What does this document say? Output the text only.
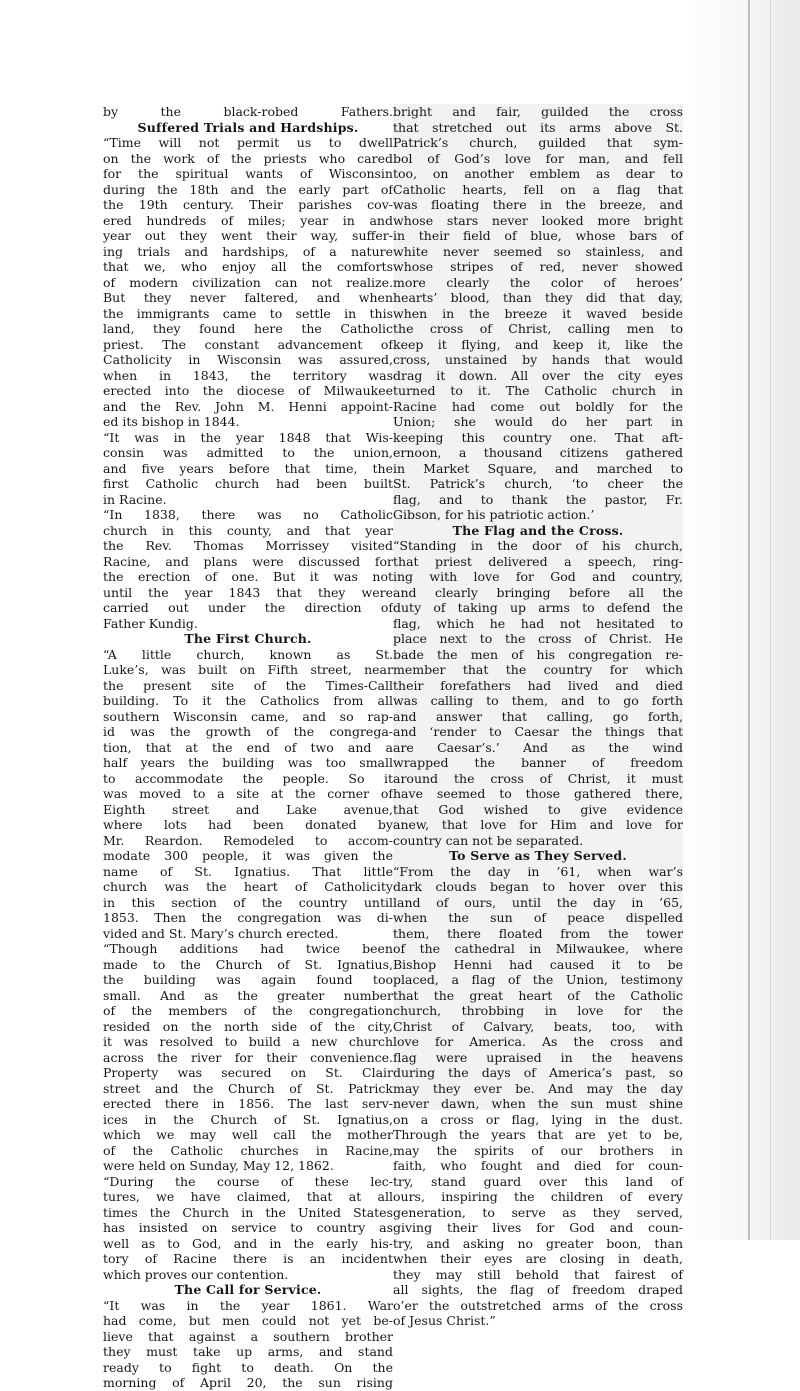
by the black-robed Fathers.
Suffered Trials and Hardships.
“Time will not permit us to dwell
on the work of the priests who cared
for the spiritual wants of Wisconsin
during the 18th and the early part of
the 19th century. Their parishes cov-
ered hundreds of miles; year in and
year out they went their way, suffer-
ing trials and hardships, of a nature
that we, who enjoy all the comforts
of modern civilization can not realize.
But they never faltered, and when
the immigrants came to settle in this
land, they found here the Catholic
priest. The constant advancement of
Catholicity in Wisconsin was assured,
when in 1843, the territory was
erected into the diocese of Milwaukee
and the Rev. John M. Henni appoint-
ed its bishop in 1844.
“It was in the year 1848 that Wis-
consin was admitted to the union,
and five years before that time, the
first Catholic church had been built
in Racine.
“In 1838, there was no Catholic
church in this county, and that year
the Rev. Thomas Morrissey visited
Racine, and plans were discussed for
the erection of one. But it was not
until the year 1843 that they were
carried out under the direction of
Father Kundig.
The First Church.
“A little church, known as St.
Luke’s, was built on Fifth street, near
the present site of the Times-Call
building. To it the Catholics from all
southern Wisconsin came, and so rap-
id was the growth of the congrega-
tion, that at the end of two and a
half years the building was too small
to accommodate the people. So it
was moved to a site at the corner of
Eighth street and Lake avenue,
where lots had been donated by
Mr. Reardon. Remodeled to accom-
modate 300 people, it was given the
name of St. Ignatius. That little
church was the heart of Catholicity
in this section of the country until
1853. Then the congregation was di-
vided and St. Mary’s church erected.
“Though additions had twice been
made to the Church of St. Ignatius,
the building was again found too
small. And as the greater number
of the members of the congregation
resided on the north side of the city,
it was resolved to build a new church
across the river for their convenience.
Property was secured on St. Clair
street and the Church of St. Patrick
erected there in 1856. The last serv-
ices in the Church of St. Ignatius,
which we may well call the mother
of the Catholic churches in Racine,
were held on Sunday, May 12, 1862.
“During the course of these lec-
tures, we have claimed, that at all
times the Church in the United States
has insisted on service to country as
well as to God, and in the early his-
tory of Racine there is an incident
which proves our contention.
The Call for Service.
“It was in the year 1861. War
had come, but men could not yet be-
lieve that against a southern brother
they must take up arms, and stand
ready to fight to death. On the
morning of April 20, the sun rising
bright and fair, guilded the cross
that stretched out its arms above St.
Patrick’s church, guilded that sym-
bol of God’s love for man, and fell
too, on another emblem as dear to
Catholic hearts, fell on a flag that
was floating there in the breeze, and
whose stars never looked more bright
in their field of blue, whose bars of
white never seemed so stainless, and
whose stripes of red, never showed
more clearly the color of heroes’
hearts’ blood, than they did that day,
when in the breeze it waved beside
the cross of Christ, calling men to
keep it flying, and keep it, like the
cross, unstained by hands that would
drag it down. All over the city eyes
turned to it. The Catholic church in
Racine had come out boldly for the
Union; she would do her part in
keeping this country one. That aft-
ernoon, a thousand citizens gathered
in Market Square, and marched to
St. Patrick’s church, ‘to cheer the
flag, and to thank the pastor, Fr.
Gibson, for his patriotic action.’
The Flag and the Cross.
“Standing in the door of his church,
that priest delivered a speech, ring-
ing with love for God and country,
and clearly bringing before all the
duty of taking up arms to defend the
flag, which he had not hesitated to
place next to the cross of Christ. He
bade the men of his congregation re-
member that the country for which
their forefathers had lived and died
was calling to them, and to go forth
and answer that calling, go forth,
and ‘render to Caesar the things that
are Caesar’s.’ And as the wind
wrapped the banner of freedom
around the cross of Christ, it must
have seemed to those gathered there,
that God wished to give evidence
anew, that love for Him and love for
country can not be separated.
To Serve as They Served.
“From the day in ’61, when war’s
dark clouds began to hover over this
land of ours, until the day in ’65,
when the sun of peace dispelled
them, there floated from the tower
of the cathedral in Milwaukee, where
Bishop Henni had caused it to be
placed, a flag of the Union, testimony
that the great heart of the Catholic
church, throbbing in love for the
Christ of Calvary, beats, too, with
love for America. As the cross and
flag were upraised in the heavens
during the days of America’s past, so
may they ever be. And may the day
never dawn, when the sun must shine
on a cross or flag, lying in the dust.
Through the years that are yet to be,
may the spirits of our brothers in
faith, who fought and died for coun-
try, stand guard over this land of
ours, inspiring the children of every
generation, to serve as they served,
giving their lives for God and coun-
try, and asking no greater boon, than
when their eyes are closing in death,
they may still behold that fairest of
all sights, the flag of freedom draped
o’er the outstretched arms of the cross
of Jesus Christ.”
